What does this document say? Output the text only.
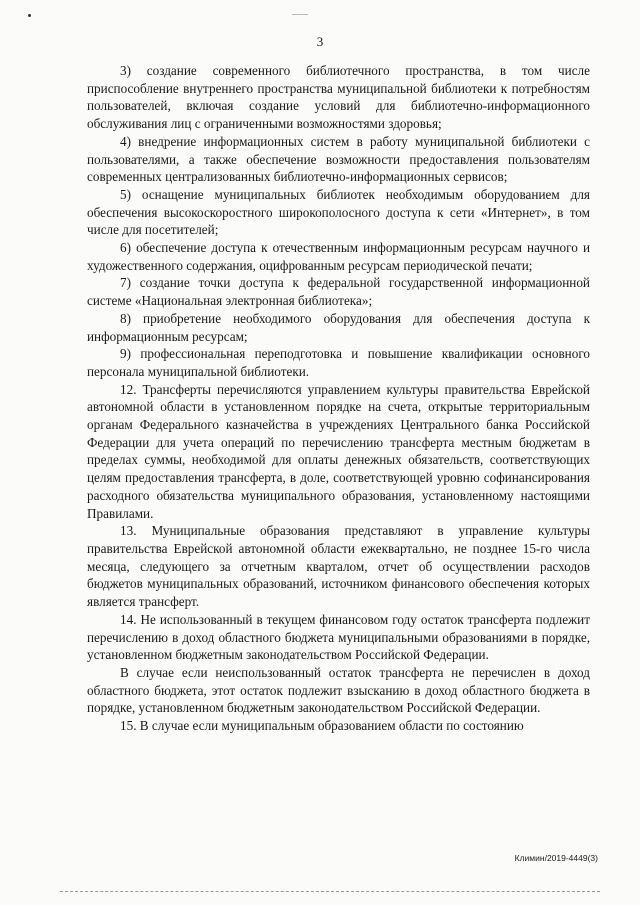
3

3) создание современного библиотечного пространства, в том числе приспособление внутреннего пространства муниципальной библиотеки к потребностям пользователей, включая создание условий для библиотечно-информационного обслуживания лиц с ограниченными возможностями здоровья;

4) внедрение информационных систем в работу муниципальной библиотеки с пользователями, а также обеспечение возможности предоставления пользователям современных централизованных библиотечно-информационных сервисов;

5) оснащение муниципальных библиотек необходимым оборудованием для обеспечения высокоскоростного широкополосного доступа к сети «Интернет», в том числе для посетителей;

6) обеспечение доступа к отечественным информационным ресурсам научного и художественного содержания, оцифрованным ресурсам периодической печати;

7) создание точки доступа к федеральной государственной информационной системе «Национальная электронная библиотека»;

8) приобретение необходимого оборудования для обеспечения доступа к информационным ресурсам;

9) профессиональная переподготовка и повышение квалификации основного персонала муниципальной библиотеки.

12. Трансферты перечисляются управлением культуры правительства Еврейской автономной области в установленном порядке на счета, открытые территориальным органам Федерального казначейства в учреждениях Центрального банка Российской Федерации для учета операций по перечислению трансферта местным бюджетам в пределах суммы, необходимой для оплаты денежных обязательств, соответствующих целям предоставления трансферта, в доле, соответствующей уровню софинансирования расходного обязательства муниципального образования, установленному настоящими Правилами.

13. Муниципальные образования представляют в управление культуры правительства Еврейской автономной области ежеквартально, не позднее 15-го числа месяца, следующего за отчетным кварталом, отчет об осуществлении расходов бюджетов муниципальных образований, источником финансового обеспечения которых является трансферт.

14. Не использованный в текущем финансовом году остаток трансферта подлежит перечислению в доход областного бюджета муниципальными образованиями в порядке, установленном бюджетным законодательством Российской Федерации.

В случае если неиспользованный остаток трансферта не перечислен в доход областного бюджета, этот остаток подлежит взысканию в доход областного бюджета в порядке, установленном бюджетным законодательством Российской Федерации.

15. В случае если муниципальным образованием области по состоянию

Климин/2019-4449(3)
